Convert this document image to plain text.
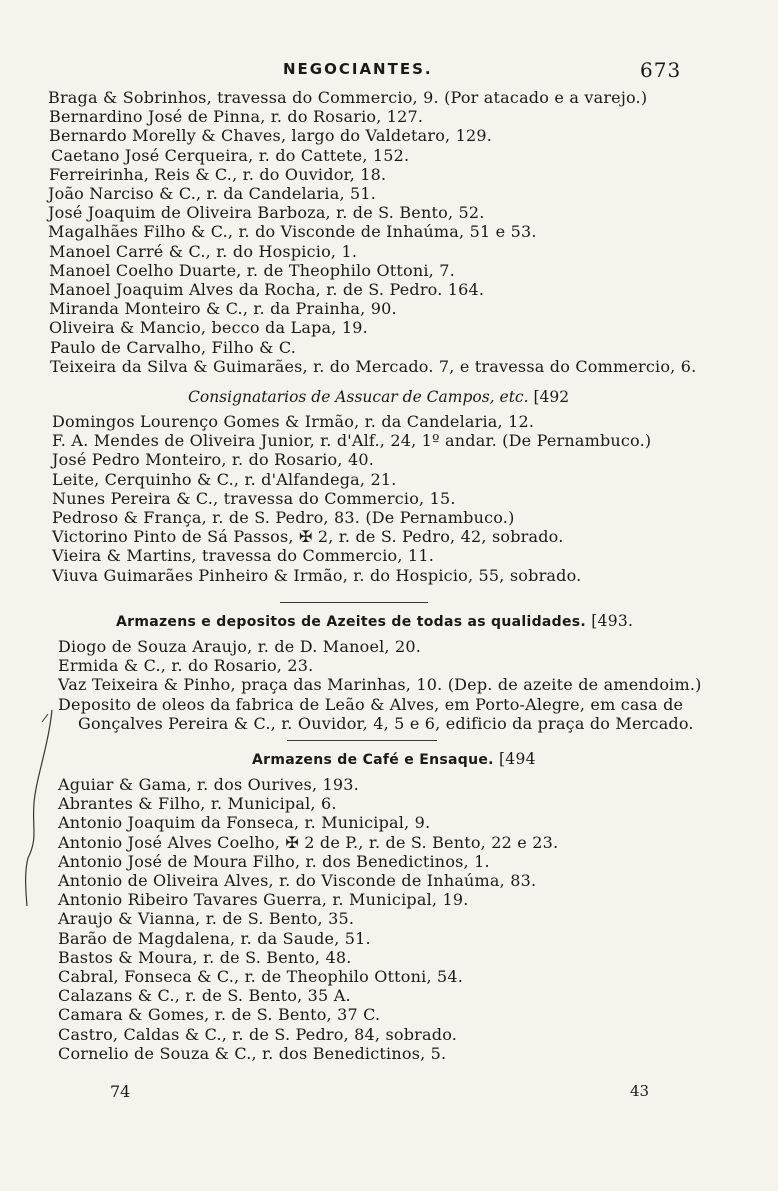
NEGOCIANTES.	673
Braga & Sobrinhos, travessa do Commercio, 9. (Por atacado e a varejo.)
Bernardino José de Pinna, r. do Rosario, 127.
Bernardo Morelly & Chaves, largo do Valdetaro, 129.
Caetano José Cerqueira, r. do Cattete, 152.
Ferreirinha, Reis & C., r. do Ouvidor, 18.
João Narciso & C., r. da Candelaria, 51.
José Joaquim de Oliveira Barboza, r. de S. Bento, 52.
Magalhães Filho & C., r. do Visconde de Inhaúma, 51 e 53.
Manoel Carré & C., r. do Hospicio, 1.
Manoel Coelho Duarte, r. de Theophilo Ottoni, 7.
Manoel Joaquim Alves da Rocha, r. de S. Pedro. 164.
Miranda Monteiro & C., r. da Prainha, 90.
Oliveira & Mancio, becco da Lapa, 19.
Paulo de Carvalho, Filho & C.
Teixeira da Silva & Guimarães, r. do Mercado. 7, e travessa do Commercio, 6.
Consignatarios de Assucar de Campos, etc. [492
Domingos Lourenço Gomes & Irmão, r. da Candelaria, 12.
F. A. Mendes de Oliveira Junior, r. d'Alf., 24, 1º andar. (De Pernambuco.)
José Pedro Monteiro, r. do Rosario, 40.
Leite, Cerquinho & C., r. d'Alfandega, 21.
Nunes Pereira & C., travessa do Commercio, 15.
Pedroso & França, r. de S. Pedro, 83. (De Pernambuco.)
Victorino Pinto de Sá Passos, ✠ 2, r. de S. Pedro, 42, sobrado.
Vieira & Martins, travessa do Commercio, 11.
Viuva Guimarães Pinheiro & Irmão, r. do Hospicio, 55, sobrado.
Armazens e depositos de Azeites de todas as qualidades. [493.
Diogo de Souza Araujo, r. de D. Manoel, 20.
Ermida & C., r. do Rosario, 23.
Vaz Teixeira & Pinho, praça das Marinhas, 10. (Dep. de azeite de amendoim.)
Deposito de oleos da fabrica de Leão & Alves, em Porto-Alegre, em casa de
Gonçalves Pereira & C., r. Ouvidor, 4, 5 e 6, edificio da praça do Mercado.
Armazens de Café e Ensaque. [494
Aguiar & Gama, r. dos Ourives, 193.
Abrantes & Filho, r. Municipal, 6.
Antonio Joaquim da Fonseca, r. Municipal, 9.
Antonio José Alves Coelho, ✠ 2 de P., r. de S. Bento, 22 e 23.
Antonio José de Moura Filho, r. dos Benedictinos, 1.
Antonio de Oliveira Alves, r. do Visconde de Inhaúma, 83.
Antonio Ribeiro Tavares Guerra, r. Municipal, 19.
Araujo & Vianna, r. de S. Bento, 35.
Barão de Magdalena, r. da Saude, 51.
Bastos & Moura, r. de S. Bento, 48.
Cabral, Fonseca & C., r. de Theophilo Ottoni, 54.
Calazans & C., r. de S. Bento, 35 A.
Camara & Gomes, r. de S. Bento, 37 C.
Castro, Caldas & C., r. de S. Pedro, 84, sobrado.
Cornelio de Souza & C., r. dos Benedictinos, 5.
74	43
